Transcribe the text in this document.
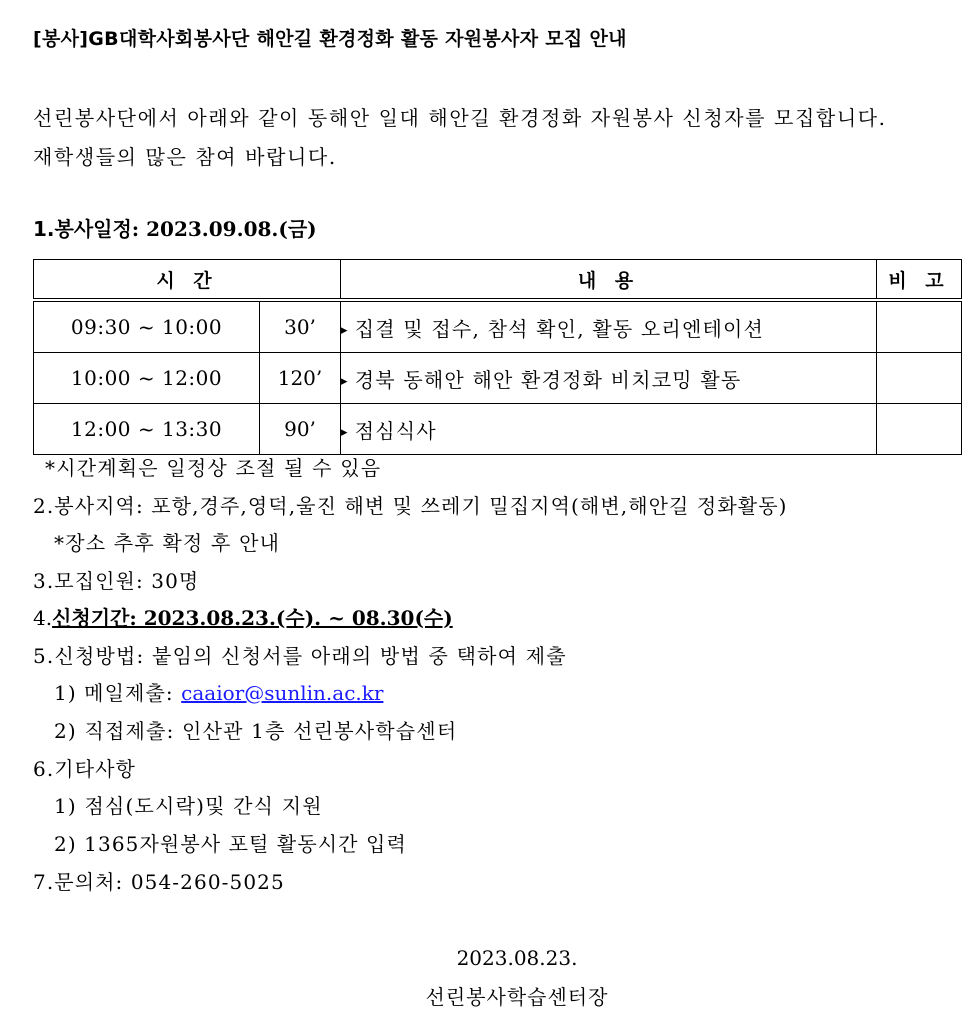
[봉사]GB대학사회봉사단 해안길 환경정화 활동 자원봉사자 모집 안내
선린봉사단에서 아래와 같이 동해안 일대 해안길 환경정화 자원봉사 신청자를 모집합니다.
재학생들의 많은 참여 바랍니다.
1.봉사일정: 2023.09.08.(금)
시 간		내 용	비 고
09:30 ~ 10:00	30’	▸ 집결 및 접수, 참석 확인, 활동 오리엔테이션	
10:00 ~ 12:00	120’	▸ 경북 동해안 해안 환경정화 비치코밍 활동	
12:00 ~ 13:30	90’	▸ 점심식사	
*시간계획은 일정상 조절 될 수 있음
2.봉사지역: 포항,경주,영덕,울진 해변 및 쓰레기 밀집지역(해변,해안길 정화활동)
*장소 추후 확정 후 안내
3.모집인원: 30명
4.신청기간: 2023.08.23.(수). ~ 08.30(수)
5.신청방법: 붙임의 신청서를 아래의 방법 중 택하여 제출
1) 메일제출: caaior@sunlin.ac.kr
2) 직접제출: 인산관 1층 선린봉사학습센터
6.기타사항
1) 점심(도시락)및 간식 지원
2) 1365자원봉사 포털 활동시간 입력
7.문의처: 054-260-5025
2023.08.23.
선린봉사학습센터장
